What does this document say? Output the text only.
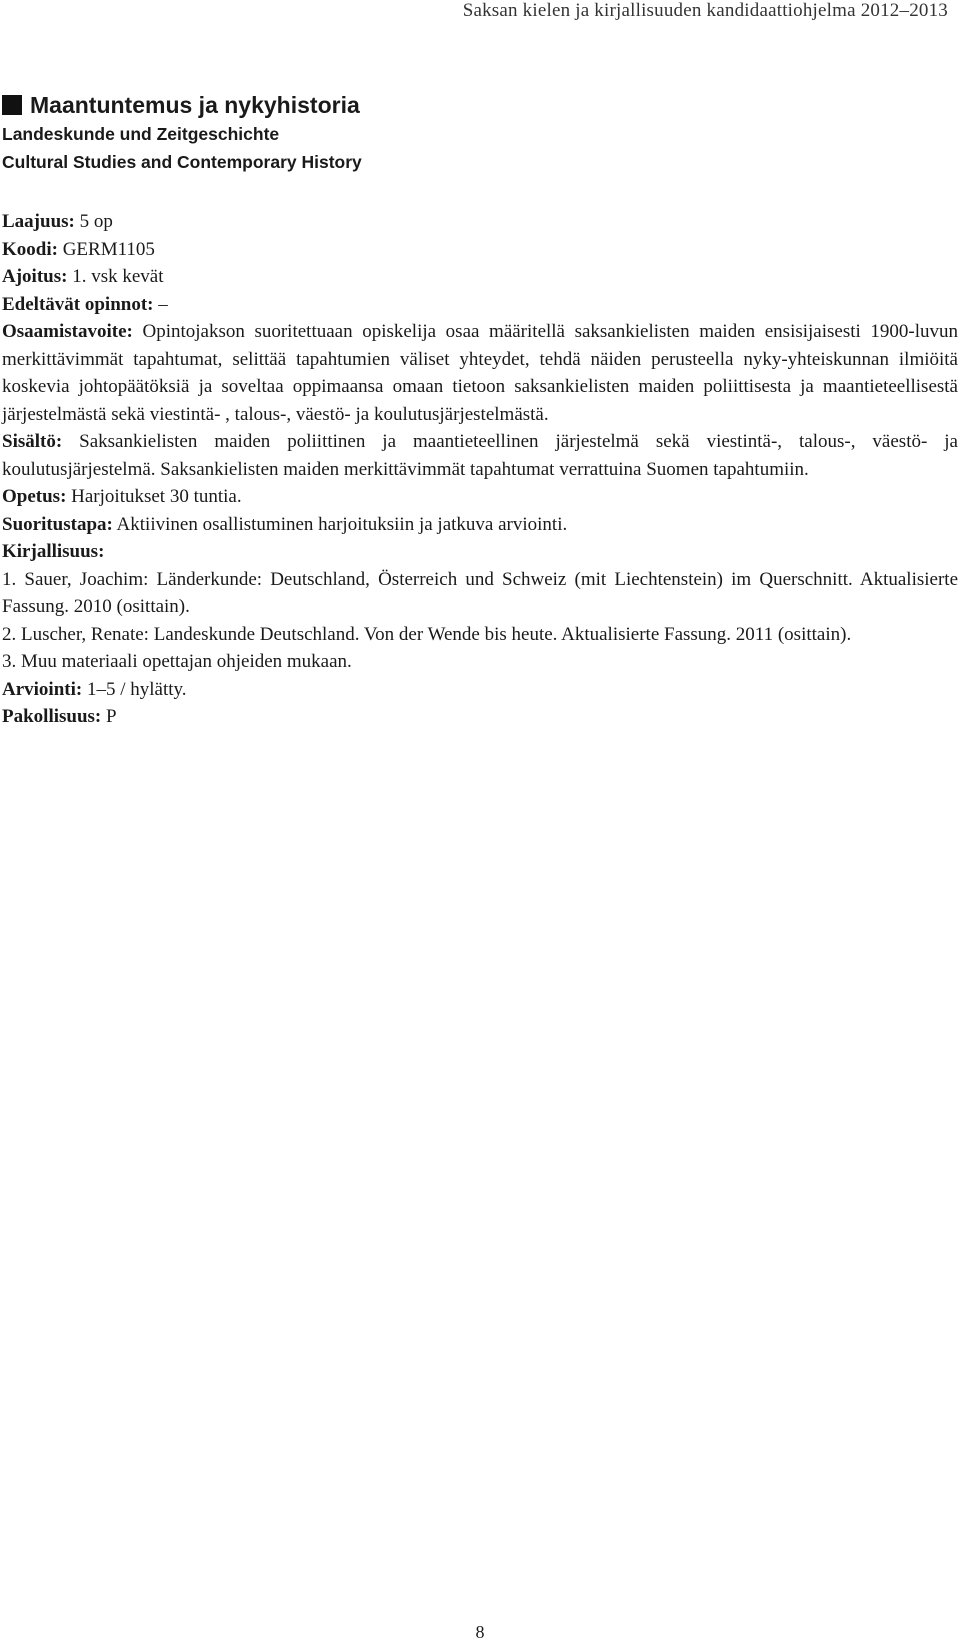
Saksan kielen ja kirjallisuuden kandidaattiohjelma 2012–2013
Maantuntemus ja nykyhistoria
Landeskunde und Zeitgeschichte
Cultural Studies and Contemporary History

Laajuus: 5 op

Koodi: GERM1105

Ajoitus: 1. vsk kevät

Edeltävät opinnot: –

Osaamistavoite: Opintojakson suoritettuaan opiskelija osaa määritellä saksankielisten maiden ensisijaisesti 1900-luvun merkittävimmät tapahtumat, selittää tapahtumien väliset yhteydet, tehdä näiden perusteella nyky-yhteiskunnan ilmiöitä koskevia johtopäätöksiä ja soveltaa oppimaansa omaan tietoon saksankielisten maiden poliittisesta ja maantieteellisestä järjestelmästä sekä viestintä- , talous-, väestö- ja koulutusjärjestelmästä.

Sisältö: Saksankielisten maiden poliittinen ja maantieteellinen järjestelmä sekä viestintä-, talous-, väestö- ja koulutusjärjestelmä. Saksankielisten maiden merkittävimmät tapahtumat verrattuina Suomen tapahtumiin.

Opetus: Harjoitukset 30 tuntia.

Suoritustapa: Aktiivinen osallistuminen harjoituksiin ja jatkuva arviointi.

Kirjallisuus:

1. Sauer, Joachim: Länderkunde: Deutschland, Österreich und Schweiz (mit Liechtenstein) im Querschnitt. Aktualisierte Fassung. 2010 (osittain).

2. Luscher, Renate: Landeskunde Deutschland. Von der Wende bis heute. Aktualisierte Fassung. 2011 (osittain).

3. Muu materiaali opettajan ohjeiden mukaan.

Arviointi: 1–5 / hylätty.

Pakollisuus: P

8
